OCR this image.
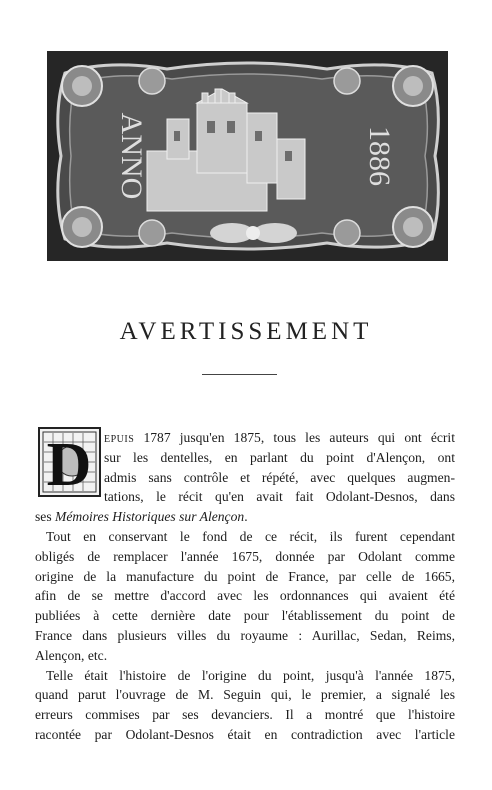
ANNO	1886
AVERTISSEMENT
D epuis 1787 jusqu'en 1875, tous les auteurs qui ont écrit
sur les dentelles, en parlant du point d'Alençon, ont
admis sans contrôle et répété, avec quelques augmen-
tations, le récit qu'en avait fait Odolant-Desnos, dans
ses Mémoires Historiques sur Alençon.

Tout en conservant le fond de ce récit, ils furent cependant
obligés de remplacer l'année 1675, donnée par Odolant comme
origine de la manufacture du point de France, par celle de 1665,
afin de se mettre d'accord avec les ordonnances qui avaient été
publiées à cette dernière date pour l'établissement du point de
France dans plusieurs villes du royaume : Aurillac, Sedan, Reims,
Alençon, etc.

Telle était l'histoire de l'origine du point, jusqu'à l'année 1875,
quand parut l'ouvrage de M. Seguin qui, le premier, a signalé les
erreurs commises par ses devanciers. Il a montré que l'histoire
racontée par Odolant-Desnos était en contradiction avec l'article
